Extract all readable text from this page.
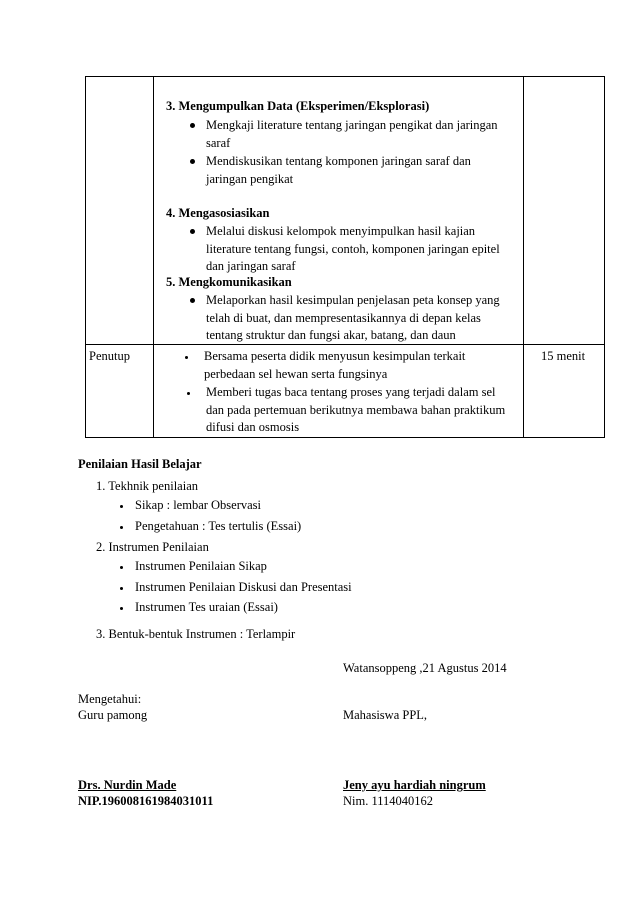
3. Mengumpulkan Data (Eksperimen/Eksplorasi)
Mengkaji literature tentang jaringan pengikat dan jaringan
saraf
Mendiskusikan tentang komponen jaringan saraf dan
jaringan pengikat
4. Mengasosiasikan
Melalui diskusi kelompok menyimpulkan hasil kajian
literature tentang fungsi, contoh, komponen jaringan epitel
dan jaringan saraf
5. Mengkomunikasikan
Melaporkan hasil kesimpulan penjelasan peta konsep yang
telah di buat, dan mempresentasikannya di depan kelas
tentang struktur dan fungsi akar, batang, dan daun
Penutup	Bersama peserta didik menyusun kesimpulan terkait
perbedaan sel hewan serta fungsinya
Memberi tugas baca tentang proses yang terjadi dalam sel
dan pada pertemuan berikutnya membawa bahan praktikum
difusi dan osmosis
15 menit
Penilaian Hasil Belajar
1. Tekhnik penilaian
Sikap : lembar Observasi
Pengetahuan : Tes tertulis (Essai)
2. Instrumen Penilaian
Instrumen Penilaian Sikap
Instrumen Penilaian Diskusi dan Presentasi
Instrumen Tes uraian (Essai)
3. Bentuk-bentuk Instrumen : Terlampir
Watansoppeng ,21 Agustus 2014
Mengetahui:
Guru pamong	Mahasiswa PPL,
Drs. Nurdin Made
NIP.196008161984031011
Jeny ayu hardiah ningrum
Nim. 1114040162
